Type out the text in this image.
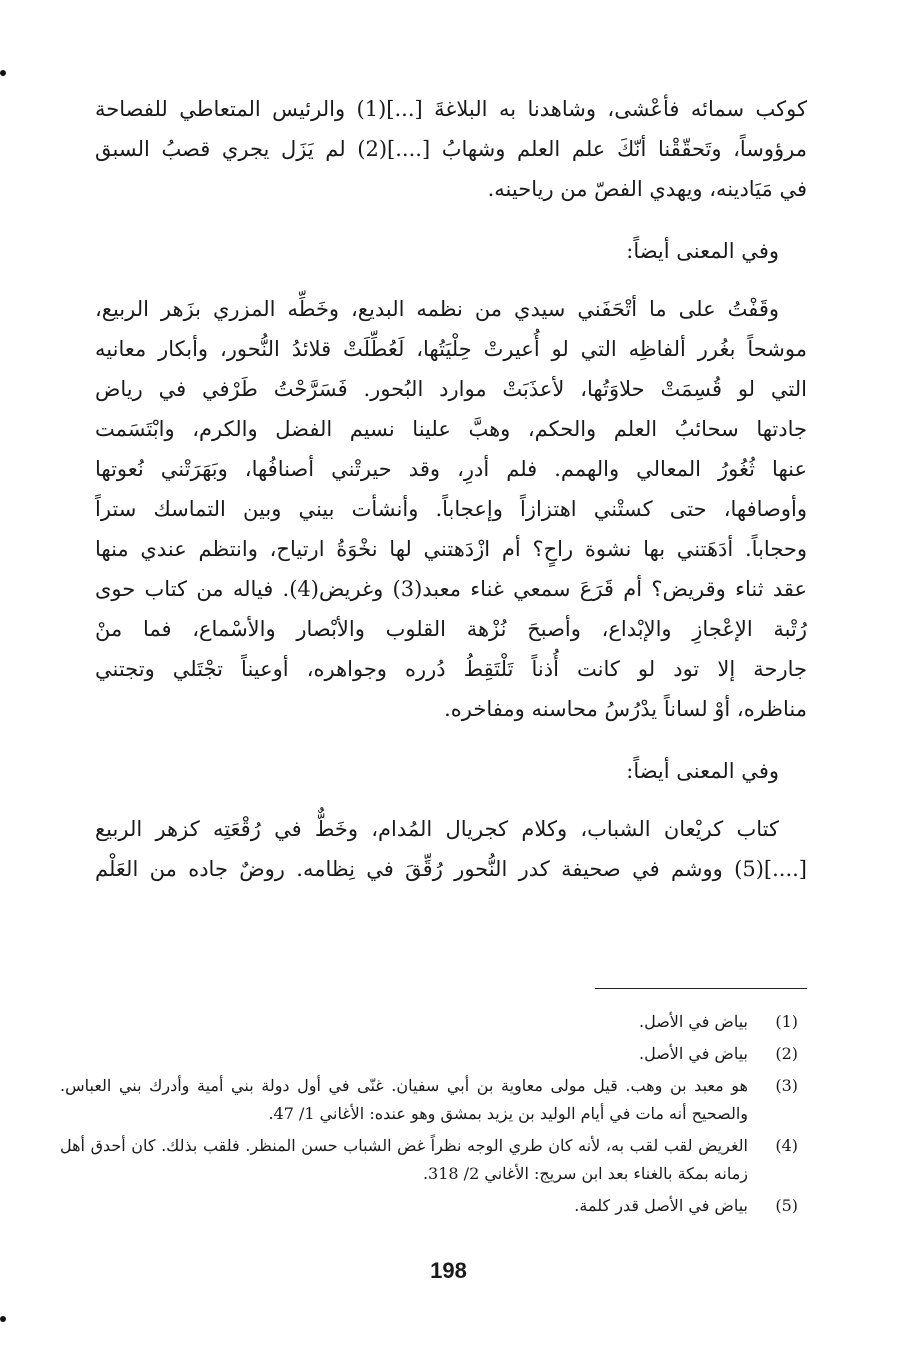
كوكب سمائه فأعْشى، وشاهدنا به البلاغةَ [...](1) والرئيس المتعاطي للفصاحة
مرؤوساً، وتَحقّقْنا أنّكَ علم العلم وشهابُ [....](2) لم يَزَل يجري قصبُ السبق
في مَيَادينه، ويهدي الفصّ من رياحينه.
وفي المعنى أيضاً:
وقَفْتُ على ما أتْحَفَني سيدي من نظمه البديع، وخَطِّه المزري بزَهر الربيع،
موشحاً بغُرر ألفاظِه التي لو أُعيرتْ حِلْيَتُها، لَعُطِّلَتْ قلائدُ النُّحور، وأبكار معانيه
التي لو قُسِمَتْ حلاوَتُها، لأعذَبَتْ موارد البُحور. فَسَرَّحْتُ طَرْفي في رياض
جادتها سحائبُ العلم والحكم، وهبَّ علينا نسيم الفضل والكرم، وابْتَسَمت
عنها ثُغُورُ المعالي والهمم. فلم أدرِ، وقد حيرتْني أصنافُها، وبَهَرَتْني نُعوتها
وأوصافها، حتى كستْني اهتزازاً وإعجاباً. وأنشأت بيني وبين التماسك ستراً
وحجاباً. أدَهَتني بها نشوة راحٍ؟ أم ازْدَهتني لها نخْوَةُ ارتياح، وانتظم عندي منها
عقد ثناء وقريض؟ أم قَرَعَ سمعي غناء معبد(3) وغريض(4). فياله من كتاب حوى
رُتْبة الإعْجازِ والإبْداع، وأصبحَ نُزْهة القلوب والأبْصار والأسْماع، فما منْ
جارحة إلا تود لو كانت أُذناً تَلْتَقِطُ دُرره وجواهره، أوعيناً تجْتَلي وتجتني
مناظره، أوْ لساناً يدْرُسُ محاسنه ومفاخره.
وفي المعنى أيضاً:
كتاب كريْعان الشباب، وكلام كجريال المُدام، وخَطٌّ في رُقْعَتِه كزهر الربيع
[....](5) ووشم في صحيفة كدر النُّحور رُقِّقَ في نِظامه. روضٌ جاده من العَلْم
(1)
بياض في الأصل.
(2)
بياض في الأصل.
(3)
هو معبد بن وهب. قيل مولى معاوية بن أبي سفيان. غنّى في أول دولة بني أمية وأدرك بني العباس. والصحيح أنه مات في أيام الوليد بن يزيد بمشق وهو عنده: الأغاني 1/ 47.
(4)
الغريض لقب لقب به، لأنه كان طري الوجه نظراً غض الشباب حسن المنظر. فلقب بذلك. كان أحدق أهل زمانه بمكة بالغناء بعد ابن سريج: الأغاني 2/ 318.
(5)
بياض في الأصل قدر كلمة.
198
